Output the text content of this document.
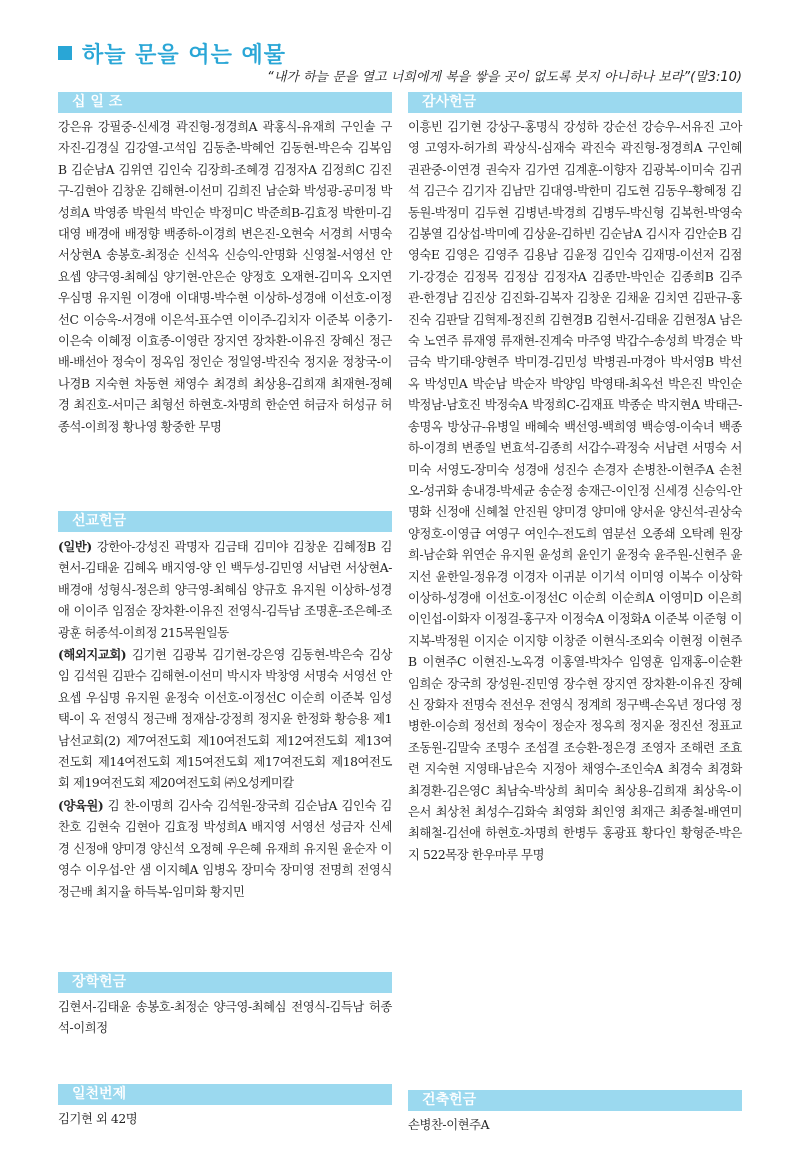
하늘 문을 여는 예물
“내가 하늘 문을 열고 너희에게 복을 쌓을 곳이 없도록 붓지 아니하나 보라”(말3:10)
십 일 조
강은유 강필중-신세경 곽진형-정경희A 곽홍식-유재희 구인솔 구자진-김경실 김강열-고석임 김동춘-박혜언 김동현-박은숙 김복임B 김순남A 김위연 김인숙 김장희-조혜경 김정자A 김정희C 김진구-김현아 김창운 김해현-이선미 김희진 남순화 박성광-공미정 박성희A 박영종 박원석 박인순 박정미C 박준희B-김효정 박한미-김대영 배경애 배정향 백종하-이경희 변은진-오현숙 서경희 서명숙 서상현A 송봉호-최정순 신석옥 신승익-안명화 신영철-서영선 안요셉 양극영-최혜심 양기현-안은순 양정호 오재현-김미옥 오지연 우심명 유지원 이경애 이대명-박수현 이상하-성경애 이선호-이정선C 이승욱-서경애 이은석-표수연 이이주-김치자 이준복 이충기-이은숙 이혜정 이효종-이영란 장지연 장차환-이유진 장혜신 정근배-배선아 정숙이 정옥임 정인순 정일영-박진숙 정지윤 정창국-이나경B 지숙현 차동현 채영수 최경희 최상용-김희재 최재현-정혜경 최진호-서미근 최형선 하현호-차명희 한순연 허금자 허성규 허종석-이희정 황나영 황중한 무명
선교헌금

(일반) 강한아-강성진 곽명자 김금태 김미야 김창운 김혜정B 김현서-김태윤 김혜옥 배지영-양 인 백두성-김민영 서남련 서상현A-배경애 성형식-정은희 양극영-최혜심 양규호 유지원 이상하-성경애 이이주 임점순 장차환-이유진 전영식-김득남 조명훈-조은혜-조광훈 허종석-이희정 215목원일동

(해외지교회) 김기현 김광복 김기현-강은영 김동현-박은숙 김상임 김석원 김판수 김해현-이선미 박시자 박창영 서명숙 서영선 안요셉 우심명 유지원 윤정숙 이선호-이정선C 이순희 이준복 임성택-이 옥 전영식 정근배 정재삼-강정희 정지윤 한정화 황승용 제1남선교회(2) 제7여전도회 제10여전도회 제12여전도회 제13여전도회 제14여전도회 제15여전도회 제17여전도회 제18여전도회 제19여전도회 제20여전도회 ㈜오성케미칼

(양육원) 김 찬-이명희 김사숙 김석원-장국희 김순남A 김인숙 김찬호 김현숙 김현아 김효정 박성희A 배지영 서영선 성금자 신세경 신정애 양미경 양신석 오정혜 우은혜 유재희 유지원 윤순자 이영수 이우섭-안 샘 이지혜A 임병옥 장미숙 장미영 전명희 전영식 정근배 최지율 하득복-임미화 황지민

장학헌금
김현서-김태윤 송봉호-최정순 양극영-최혜심 전영식-김득남 허종석-이희정
일천번제
김기현 외 42명
감사헌금
이흥빈 김기현 강상구-홍명식 강성하 강순선 강승우-서유진 고아영 고영자-허가희 곽상식-심재숙 곽진숙 곽진형-정경희A 구인혜 권관중-이연경 권숙자 김가연 김계훈-이향자 김광복-이미숙 김귀석 김근수 김기자 김남만 김대영-박한미 김도현 김동우-황혜정 김동원-박정미 김두현 김병년-박경희 김병두-박신형 김복헌-박영숙 김봉열 김상섭-박미예 김상윤-김하빈 김순남A 김시자 김안순B 김영숙E 김영은 김영주 김용남 김윤정 김인숙 김재명-이선저 김점기-강경순 김정목 김정삼 김정자A 김종만-박인순 김종희B 김주관-한경남 김진상 김진화-김복자 김창운 김채윤 김치연 김판규-홍진숙 김판달 김혁제-정진희 김현경B 김현서-김태윤 김현정A 남은숙 노연주 류재영 류재현-진계숙 마주영 박갑수-송성희 박경순 박금숙 박기태-양현주 박미경-김민성 박병권-마경아 박서영B 박선옥 박성민A 박순남 박순자 박양임 박영태-최옥선 박은진 박인순 박정남-남호진 박정숙A 박정희C-김재표 박종순 박지현A 박태근-송명옥 방상규-유병일 배혜숙 백선영-백희영 백승영-이숙녀 백종하-이경희 변종일 변효석-김종희 서갑수-곽정숙 서남련 서명숙 서미숙 서영도-장미숙 성경애 성진수 손경자 손병찬-이현주A 손천오-성귀화 송내경-박세균 송순정 송재근-이인정 신세경 신승익-안명화 신정애 신혜철 안진원 양미경 양미애 양서윤 양신석-권상숙 양정호-이영급 여영구 여인수-전도희 염분선 오종쇄 오탁례 원장희-남순화 위연순 유지원 윤성희 윤인기 윤정숙 윤주원-신현주 윤지선 윤한일-정유경 이경자 이귀분 이기석 이미영 이복수 이상학 이상하-성경애 이선호-이정선C 이순희 이순희A 이영미D 이은희 이인섭-이화자 이정걸-홍구자 이정숙A 이정화A 이준복 이준형 이지복-박정원 이지순 이지향 이창준 이현식-조외숙 이현정 이현주B 이현주C 이현진-노옥경 이홍열-박차수 임영훈 임재홍-이순환 임희순 장국희 장성원-진민영 장수현 장지연 장차환-이유진 장혜신 장화자 전명숙 전선우 전영식 정계희 정구백-손옥년 정다영 정병한-이승희 정선희 정숙이 정순자 정옥희 정지윤 정진선 정표교 조동원-김말숙 조명수 조섬결 조승환-정은경 조영자 조해련 조효련 지숙현 지영태-남은숙 지정아 채영수-조인숙A 최경숙 최경화 최경환-김은영C 최남숙-박상희 최미숙 최상용-김희재 최상욱-이은서 최상천 최성수-김화숙 최영화 최인영 최재근 최종철-배연미 최해철-김선애 하현호-차명희 한병두 홍광표 황다인 황형준-박은지 522목장 한우마루 무명
건축헌금
손병찬-이현주A
